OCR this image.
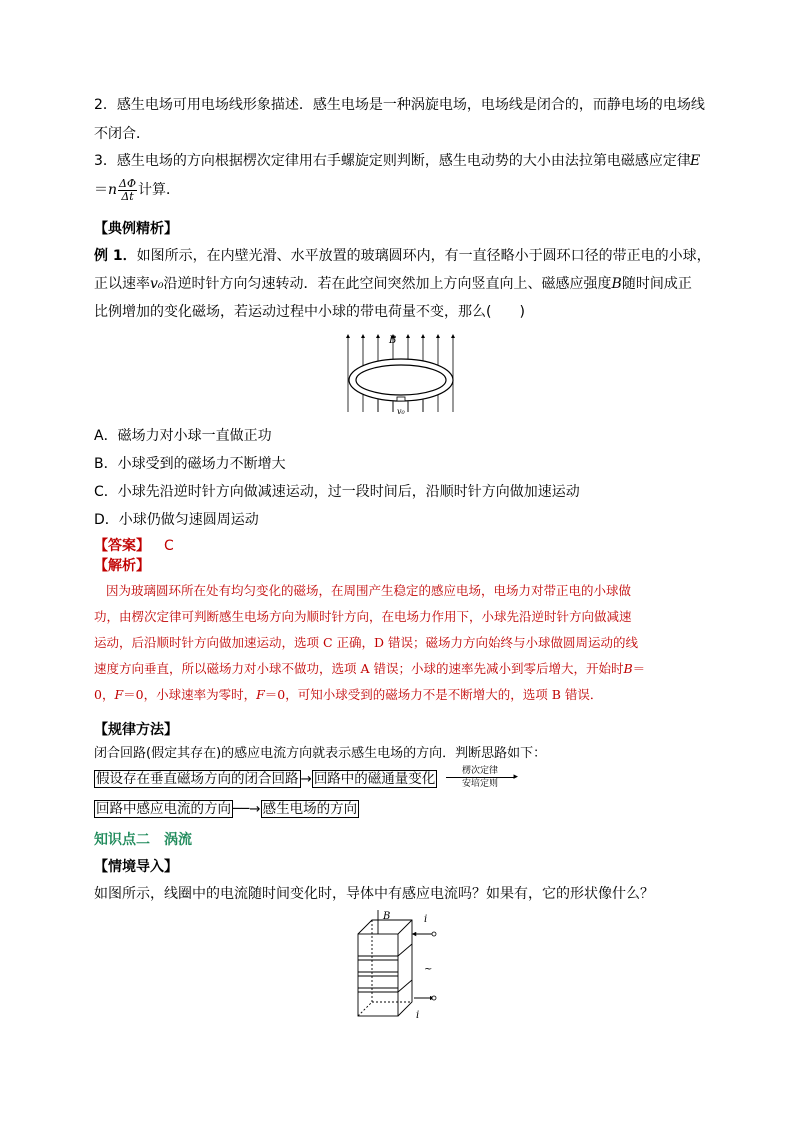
2．感生电场可用电场线形象描述．感生电场是一种涡旋电场，电场线是闭合的，而静电场的电场线
不闭合．
3．感生电场的方向根据楞次定律用右手螺旋定则判断，感生电动势的大小由法拉第电磁感应定律 E
$=n \frac{\Delta\Phi}{\Delta t}$ 计算．
【典例精析】
例 1．如图所示，在内壁光滑、水平放置的玻璃圆环内，有一直径略小于圆环口径的带正电的小球，
正以速率v₀沿逆时针方向匀速转动．若在此空间突然加上方向竖直向上、磁感应强度B随时间成正
比例增加的变化磁场，若运动过程中小球的带电荷量不变，那么(　　)
B
v₀
A．磁场力对小球一直做正功
B．小球受到的磁场力不断增大
C．小球先沿逆时针方向做减速运动，过一段时间后，沿顺时针方向做加速运动
D．小球仍做匀速圆周运动
【答案】 C
【解析】

因为玻璃圆环所在处有均匀变化的磁场，在周围产生稳定的感应电场，电场力对带正电的小球做

功，由楞次定律可判断感生电场方向为顺时针方向，在电场力作用下，小球先沿逆时针方向做减速

运动，后沿顺时针方向做加速运动，选项 C 正确，D 错误；磁场力方向始终与小球做圆周运动的线

速度方向垂直，所以磁场力对小球不做功，选项 A 错误；小球的速率先减小到零后增大，开始时B＝

0，F＝0，小球速率为零时，F＝0，可知小球受到的磁场力不是不断增大的，选项 B 错误．

【规律方法】
闭合回路(假定其存在)的感应电流方向就表示感生电场的方向．判断思路如下：
假设存在垂直磁场方向的闭合回路 → 回路中的磁通量变化	楞次定律
▸
安培定则
回路中感应电流的方向 ──→ 感生电场的方向
知识点二　涡流
【情境导入】
如图所示，线圈中的电流随时间变化时，导体中有感应电流吗？如果有，它的形状像什么？
B	i
~
i
